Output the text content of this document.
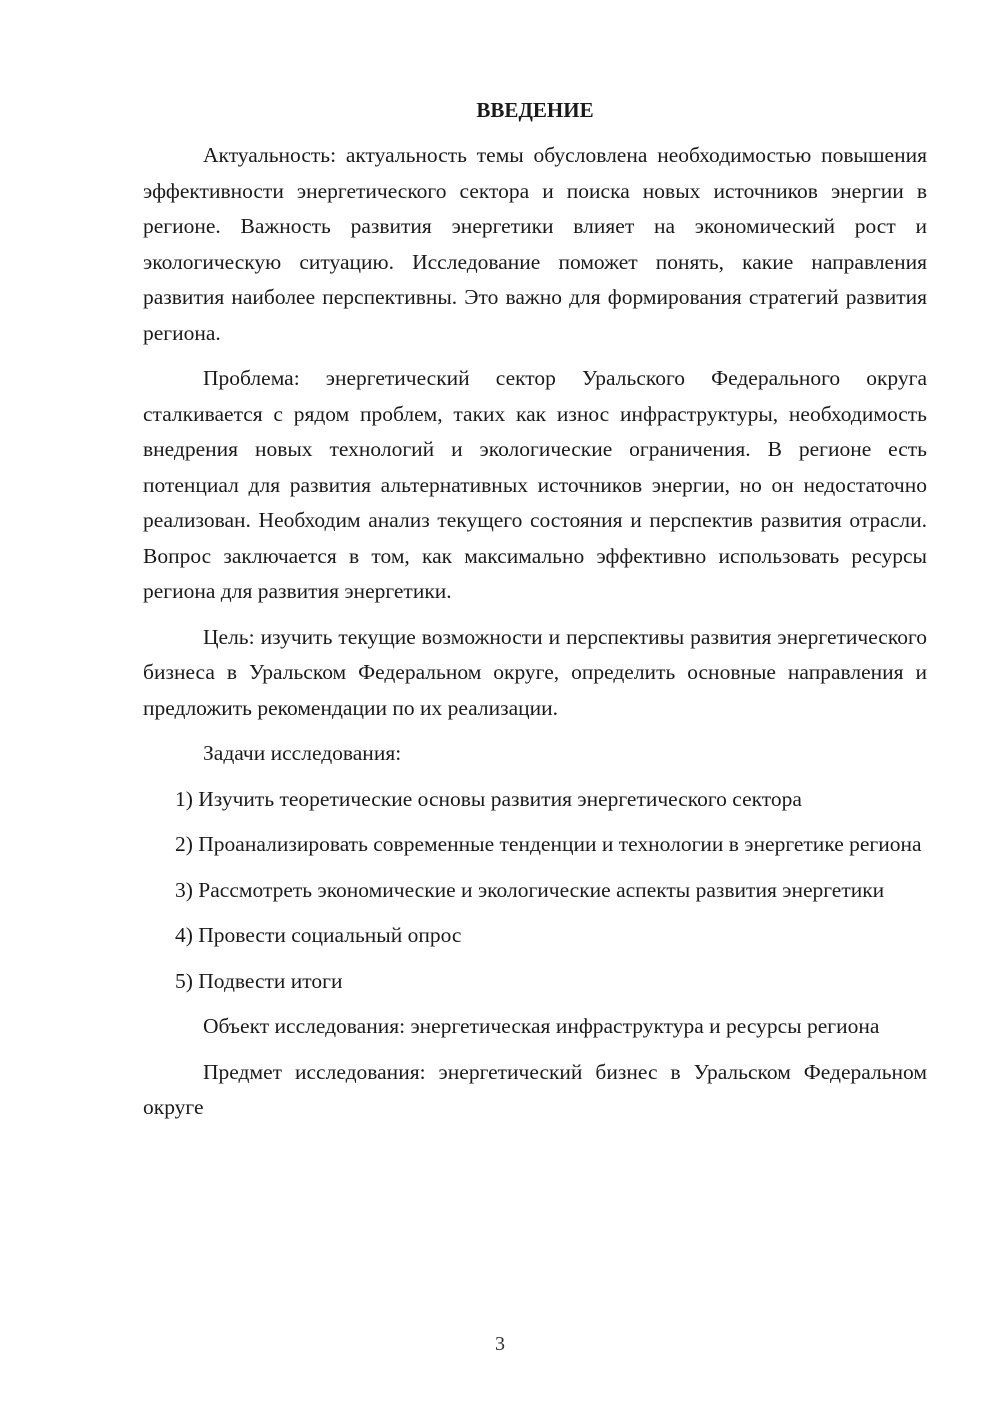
ВВЕДЕНИЕ

Актуальность: актуальность темы обусловлена необходимостью повышения эффективности энергетического сектора и поиска новых источников энергии в регионе. Важность развития энергетики влияет на экономический рост и экологическую ситуацию. Исследование поможет понять, какие направления развития наиболее перспективны. Это важно для формирования стратегий развития региона.

Проблема: энергетический сектор Уральского Федерального округа сталкивается с рядом проблем, таких как износ инфраструктуры, необходимость внедрения новых технологий и экологические ограничения. В регионе есть потенциал для развития альтернативных источников энергии, но он недостаточно реализован. Необходим анализ текущего состояния и перспектив развития отрасли. Вопрос заключается в том, как максимально эффективно использовать ресурсы региона для развития энергетики.

Цель: изучить текущие возможности и перспективы развития энергетического бизнеса в Уральском Федеральном округе, определить основные направления и предложить рекомендации по их реализации.

Задачи исследования:

1) Изучить теоретические основы развития энергетического сектора

2) Проанализировать современные тенденции и технологии в энергетике региона

3) Рассмотреть экономические и экологические аспекты развития энергетики

4) Провести социальный опрос

5) Подвести итоги

Объект исследования: энергетическая инфраструктура и ресурсы региона

Предмет исследования: энергетический бизнес в Уральском Федеральном округе

3
